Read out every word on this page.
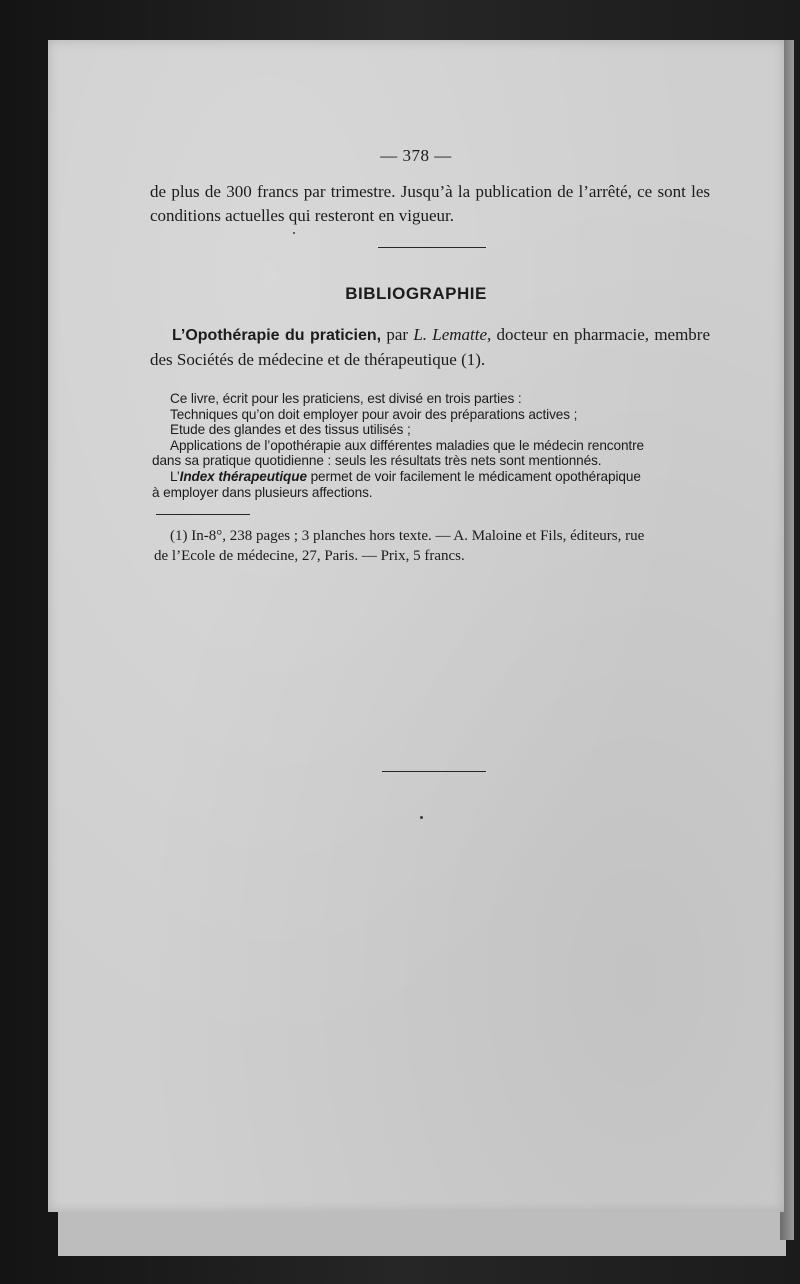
— 378 —
de plus de 300 francs par trimestre. Jusqu’à la publication de l’arrêté, ce sont les conditions actuelles qui resteront en vigueur.
BIBLIOGRAPHIE
L’Opothérapie du praticien, par L. Lematte, docteur en pharmacie, membre des Sociétés de médecine et de thérapeutique (1).
Ce livre, écrit pour les praticiens, est divisé en trois parties :
Techniques qu’on doit employer pour avoir des préparations actives ;
Etude des glandes et des tissus utilisés ;
Applications de l’opothérapie aux différentes maladies que le médecin rencontre
dans sa pratique quotidienne : seuls les résultats très nets sont mentionnés.
L’Index thérapeutique permet de voir facilement le médicament opothérapique
à employer dans plusieurs affections.
(1) In-8°, 238 pages ; 3 planches hors texte. — A. Maloine et Fils, éditeurs, rue
de l’Ecole de médecine, 27, Paris. — Prix, 5 francs.
